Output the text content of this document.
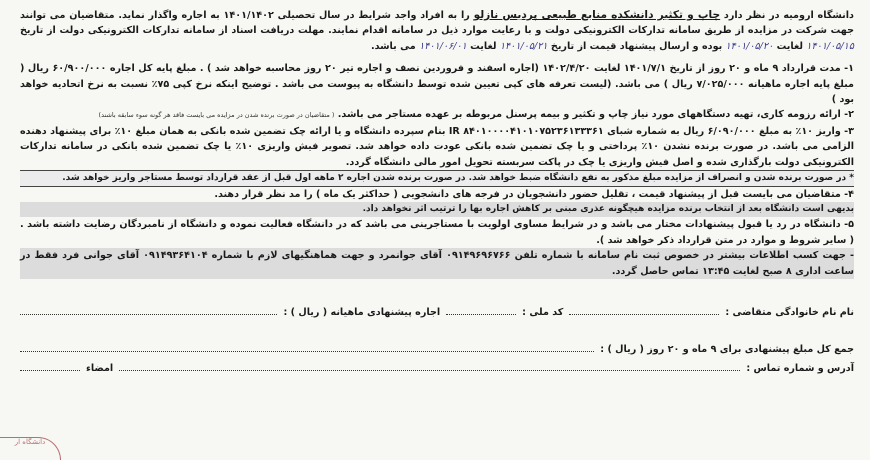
دانشگاه ارومیه در نظر دارد چاپ و تکثیر دانشکده منابع طبیعی پردیس نازلو را به افراد واجد شرایط در سال تحصیلی ۱۴۰۱/۱۴۰۲ به اجاره واگذار نماید. متقاضیان می توانند جهت شرکت در مزایده از طریق سامانه تدارکات الکترونیکی دولت و با رعایت موارد ذیل در سامانه اقدام نمایند. مهلت دریافت اسناد از سامانه تدارکات الکترونیکی دولت از تاریخ ۱۴۰۱/۰۵/۱۵ لغایت ۱۴۰۱/۰۵/۲۰ بوده و ارسال پیشنهاد قیمت از تاریخ ۱۴۰۱/۰۵/۲۱ لغایت ۱۴۰۱/۰۶/۰۱ می باشد.

۱- مدت قرارداد ۹ ماه و ۲۰ روز از تاریخ ۱۴۰۱/۷/۱ لغایت ۱۴۰۲/۴/۲۰ (اجاره اسفند و فروردین نصف و اجاره تیر ۲۰ روز محاسبه خواهد شد ) . مبلغ پایه کل اجاره ۶۰/۹۰۰/۰۰۰ ریال ( مبلغ پایه اجاره ماهیانه ۷/۰۲۵/۰۰۰ ریال ) می باشد. (لیست تعرفه های کپی تعیین شده توسط دانشگاه به پیوست می باشد . توضیح اینکه نرخ کپی ۷۵٪ نسبت به نرخ اتحادیه خواهد بود )

۲- ارائه رزومه کاری، تهیه دستگاههای مورد نیاز چاپ و تکثیر و بیمه پرسنل مربوطه بر عهده مستاجر می باشد. ( متقاضیان در صورت برنده شدن در مزایده می بایست فاقد هر گونه سوء سابقه باشند)

۳- واریز ۱۰٪ به مبلغ ۶/۰۹۰/۰۰۰ ریال به شماره شبای IR ۸۴۰۱۰۰۰۰۴۱۰۱۰۷۵۲۳۶۱۳۳۳۶۱ بنام سپرده دانشگاه و یا ارائه چک تضمین شده بانکی به همان مبلغ ۱۰٪ برای پیشنهاد دهنده الزامی می باشد. در صورت برنده نشدن ۱۰٪ پرداختی و یا چک تضمین شده بانکی عودت داده خواهد شد. تصویر فیش واریزی ۱۰٪ یا چک تضمین شده بانکی در سامانه تدارکات الکترونیکی دولت بارگذاری شده و اصل فیش واریزی یا چک در پاکت سربسته تحویل امور مالی دانشگاه گردد.

* در صورت برنده شدن و انصراف از مزایده مبلغ مذکور به نفع دانشگاه ضبط خواهد شد. در صورت برنده شدن اجاره ۲ ماهه اول قبل از عقد قرارداد توسط مستاجر واریز خواهد شد.

۴- متقاضیان می بایست قبل از پیشنهاد قیمت ، تقلیل حضور دانشجویان در فرجه های دانشجویی ( حداکثر یک ماه ) را مد نظر قرار دهند.

بدیهی است دانشگاه بعد از انتخاب برنده مزایده هیچگونه عذری مبنی بر کاهش اجاره بها را ترتیب اثر نخواهد داد.

۵- دانشگاه در رد یا قبول پیشنهادات مختار می باشد و در شرایط مساوی اولویت با مستاجرینی می باشد که در دانشگاه فعالیت نموده و دانشگاه از نامبردگان رضایت داشته باشد . ( سایر شروط و موارد در متن قرارداد ذکر خواهد شد ).

- جهت کسب اطلاعات بیشتر در خصوص ثبت نام سامانه با شماره تلفن ۰۹۱۴۹۶۹۶۷۶۶ آقای جوانمرد و جهت هماهنگیهای لازم با شماره ۰۹۱۴۹۳۶۴۱۰۴ آقای جوانی فرد فقط در ساعت اداری ۸ صبح لغایت ۱۳:۴۵ تماس حاصل گردد.

نام نام خانوادگی متقاضی :
کد ملی :
اجاره پیشنهادی ماهیانه ( ریال ) :
جمع کل مبلغ پیشنهادی برای ۹ ماه و ۲۰ روز ( ریال ) :
آدرس و شماره تماس :
امضاء
دانشگاه ار
